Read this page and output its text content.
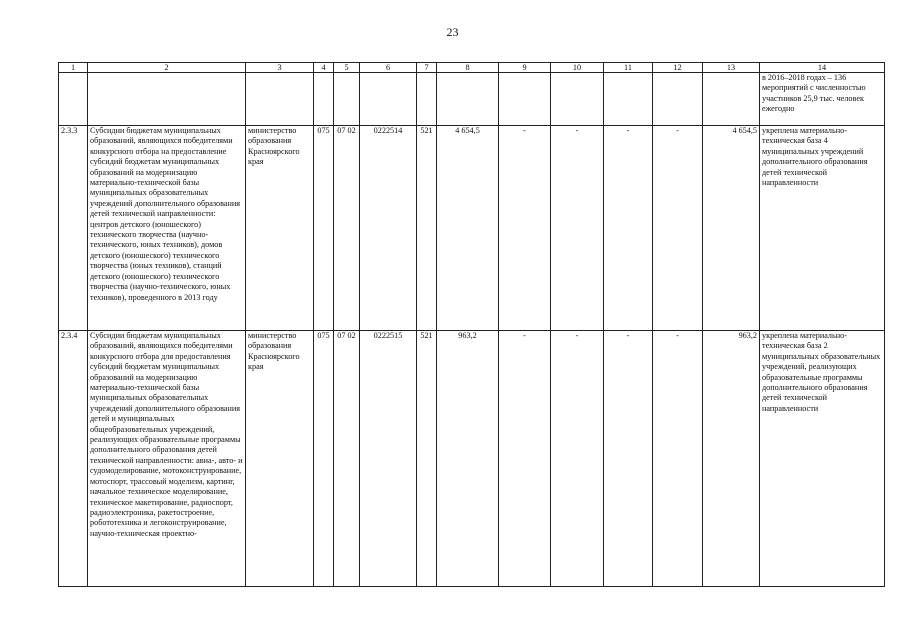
23
1	2	3	4	5	6	7	8	9	10	11	12	13	14
													в 2016–2018 годах – 136 мероприятий с численностью участников 25,9 тыс. человек ежегодно
2.3.3	Субсидии бюджетам муниципальных образований, являющихся победителями конкурсного отбора на предоставление субсидий бюджетам муниципальных образований на модернизацию материально-технической базы муниципальных образовательных учреждений дополнительного образования детей технической направленности: центров детского (юношеского) технического творчества (научно-технического, юных техников), домов детского (юношеского) технического творчества (юных техников), станций детского (юношеского) технического творчества (научно-технического, юных техников), проведенного в 2013 году	министерство образования Красноярского края	075	07 02	0222514	521	4 654,5	-	-	-	-	4 654,5	укреплена материально-техническая база 4 муниципальных учреждений дополнительного образования детей технической направленности
2.3.4	Субсидии бюджетам муниципальных образований, являющихся победителями конкурсного отбора для предоставления субсидий бюджетам муниципальных образований на модернизацию материально-технической базы муниципальных образовательных учреждений дополнительного образования детей и муниципальных общеобразовательных учреждений, реализующих образовательные программы дополнительного образования детей технической направленности: авиа-, авто- и судомоделирование, мотоконструирование, мотоспорт, трассовый моделизм, картинг, начальное техническое моделирование, техническое макетирование, радиоспорт, радиоэлектроника, ракетостроение, робототехника и легоконструирование, научно-техническая проектно-	министерство образования Красноярского края	075	07 02	0222515	521	963,2	-	-	-	-	963,2	укреплена материально-техническая база 2 муниципальных образовательных учреждений, реализующих образовательные программы дополнительного образования детей технической направленности
